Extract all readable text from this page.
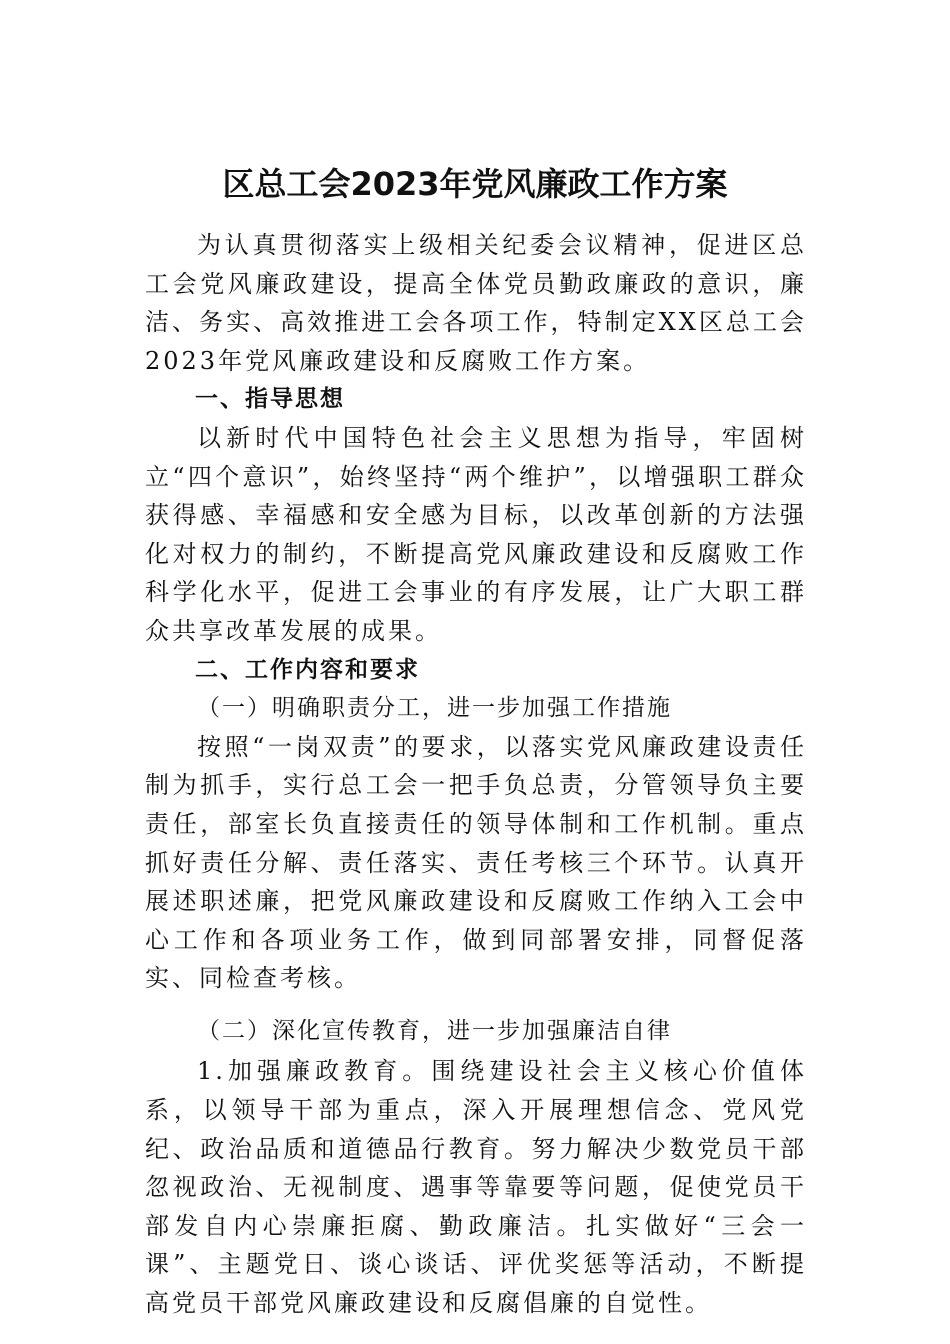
区总工会2023年党风廉政工作方案

为认真贯彻落实上级相关纪委会议精神，促进区总工会党风廉政建设，提高全体党员勤政廉政的意识，廉洁、务实、高效推进工会各项工作，特制定XX区总工会2023年党风廉政建设和反腐败工作方案。

一、指导思想

以新时代中国特色社会主义思想为指导，牢固树立“四个意识”，始终坚持“两个维护”，以增强职工群众获得感、幸福感和安全感为目标，以改革创新的方法强化对权力的制约，不断提高党风廉政建设和反腐败工作科学化水平，促进工会事业的有序发展，让广大职工群众共享改革发展的成果。

二、工作内容和要求

（一）明确职责分工，进一步加强工作措施

按照“一岗双责”的要求，以落实党风廉政建设责任制为抓手，实行总工会一把手负总责，分管领导负主要责任，部室长负直接责任的领导体制和工作机制。重点抓好责任分解、责任落实、责任考核三个环节。认真开展述职述廉，把党风廉政建设和反腐败工作纳入工会中心工作和各项业务工作，做到同部署安排，同督促落实、同检查考核。

（二）深化宣传教育，进一步加强廉洁自律

1.加强廉政教育。围绕建设社会主义核心价值体系，以领导干部为重点，深入开展理想信念、党风党纪、政治品质和道德品行教育。努力解决少数党员干部忽视政治、无视制度、遇事等靠要等问题，促使党员干部发自内心崇廉拒腐、勤政廉洁。扎实做好“三会一课”、主题党日、谈心谈话、评优奖惩等活动，不断提高党员干部党风廉政建设和反腐倡廉的自觉性。
